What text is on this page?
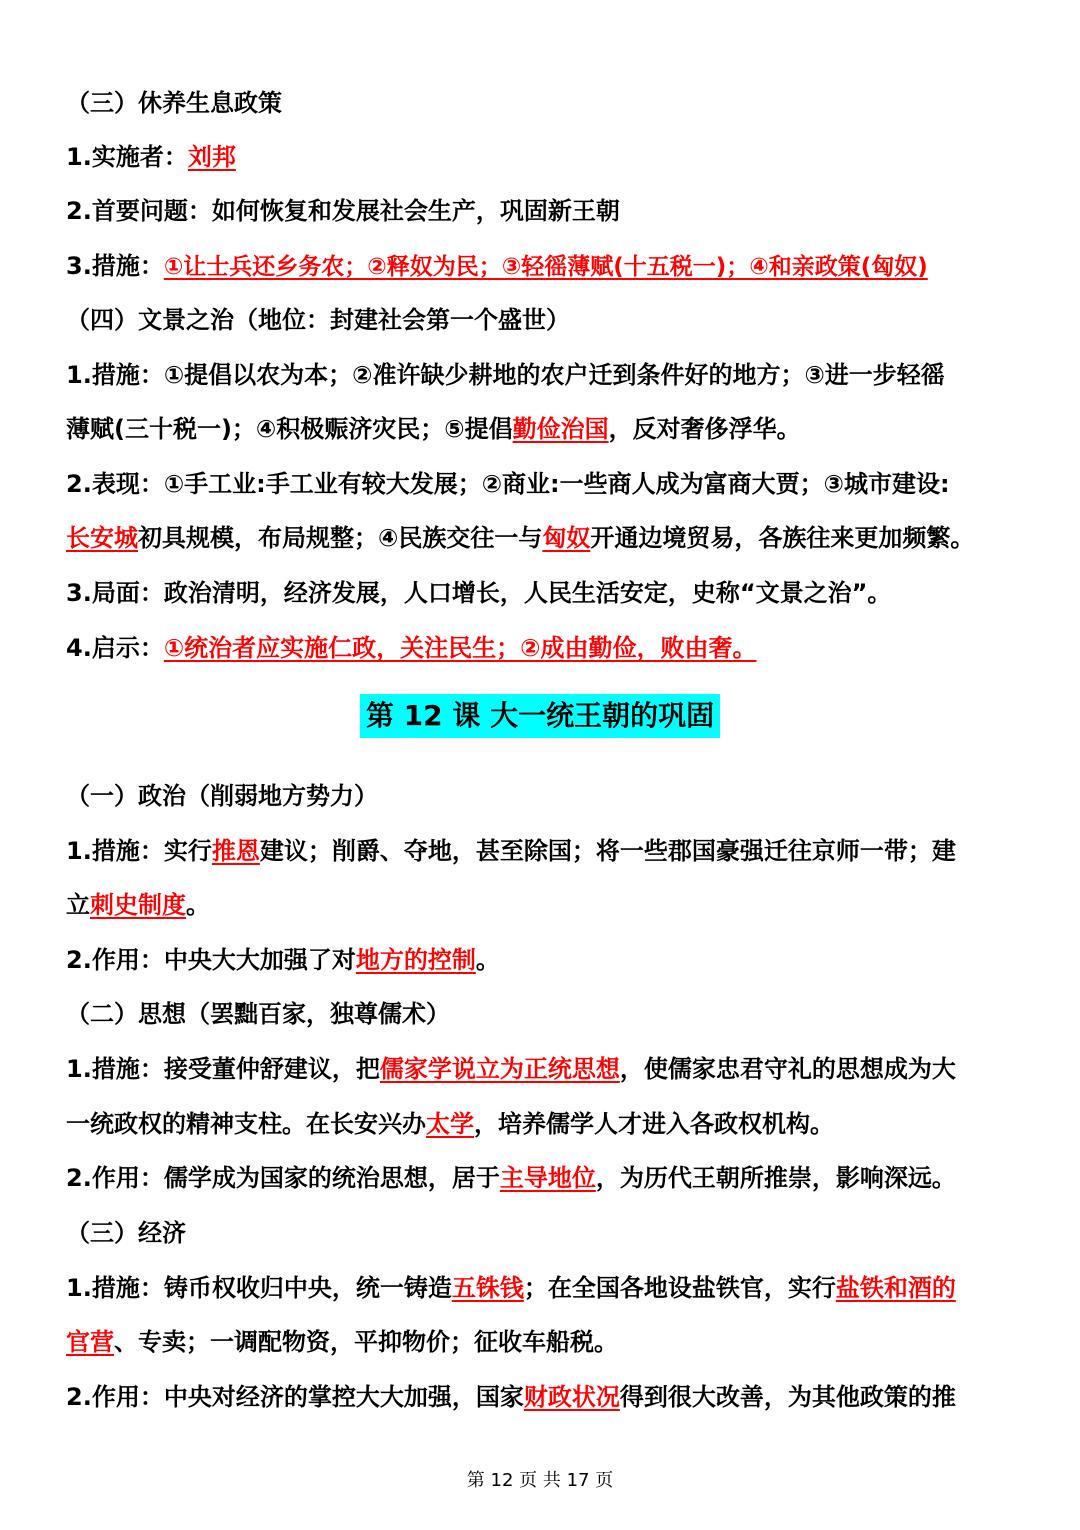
（三）休养生息政策
1.实施者：刘邦
2.首要问题：如何恢复和发展社会生产，巩固新王朝
3.措施：①让士兵还乡务农；②释奴为民；③轻徭薄赋(十五税一)；④和亲政策(匈奴)
（四）文景之治（地位：封建社会第一个盛世）
1.措施：①提倡以农为本；②准许缺少耕地的农户迁到条件好的地方；③进一步轻徭
薄赋(三十税一)；④积极赈济灾民；⑤提倡勤俭治国，反对奢侈浮华。
2.表现：①手工业:手工业有较大发展；②商业:一些商人成为富商大贾；③城市建设:
长安城初具规模，布局规整；④民族交往一与匈奴开通边境贸易，各族往来更加频繁。
3.局面：政治清明，经济发展，人口增长，人民生活安定，史称“文景之治”。
4.启示：①统治者应实施仁政，关注民生；②成由勤俭，败由奢。
第 12 课 大一统王朝的巩固
（一）政治（削弱地方势力）
1.措施：实行推恩建议；削爵、夺地，甚至除国；将一些郡国豪强迁往京师一带；建
立刺史制度。
2.作用：中央大大加强了对地方的控制。
（二）思想（罢黜百家，独尊儒术）
1.措施：接受董仲舒建议，把儒家学说立为正统思想，使儒家忠君守礼的思想成为大
一统政权的精神支柱。在长安兴办太学，培养儒学人才进入各政权机构。
2.作用：儒学成为国家的统治思想，居于主导地位，为历代王朝所推崇，影响深远。
（三）经济
1.措施：铸币权收归中央，统一铸造五铢钱；在全国各地设盐铁官，实行盐铁和酒的
官营、专卖；一调配物资，平抑物价；征收车船税。
2.作用：中央对经济的掌控大大加强，国家财政状况得到很大改善，为其他政策的推
第 12 页 共 17 页
